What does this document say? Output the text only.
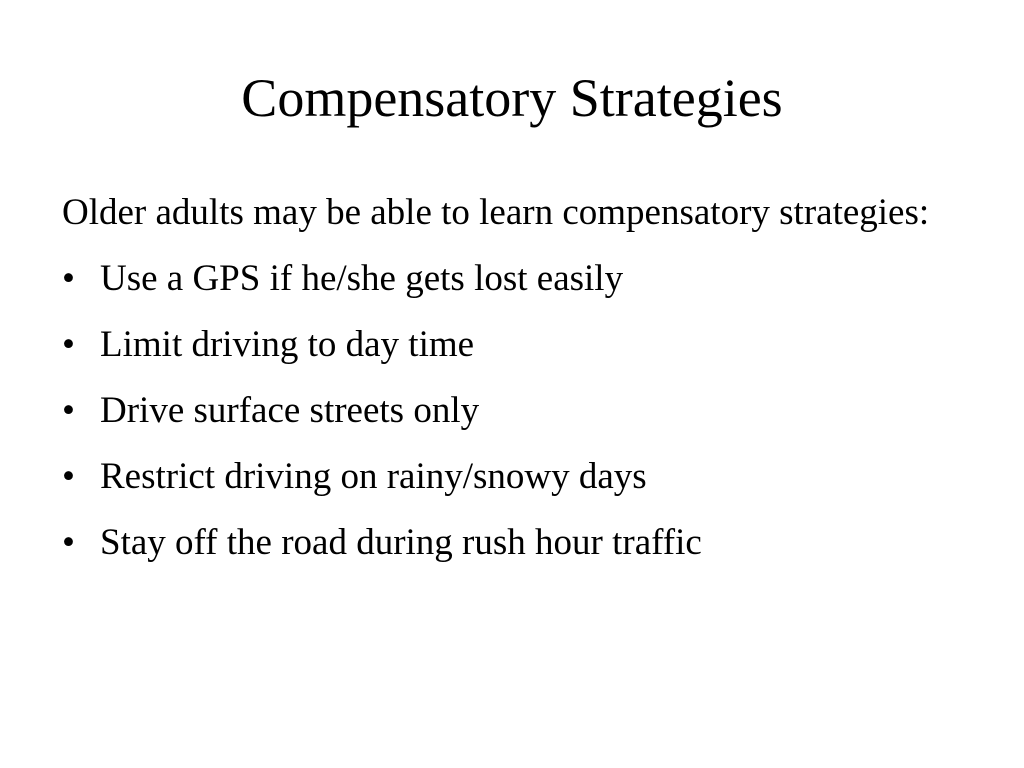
Compensatory Strategies

Older adults may be able to learn compensatory strategies:

• Use a GPS if he/she gets lost easily
• Limit driving to day time
• Drive surface streets only
• Restrict driving on rainy/snowy days
• Stay off the road during rush hour traffic
